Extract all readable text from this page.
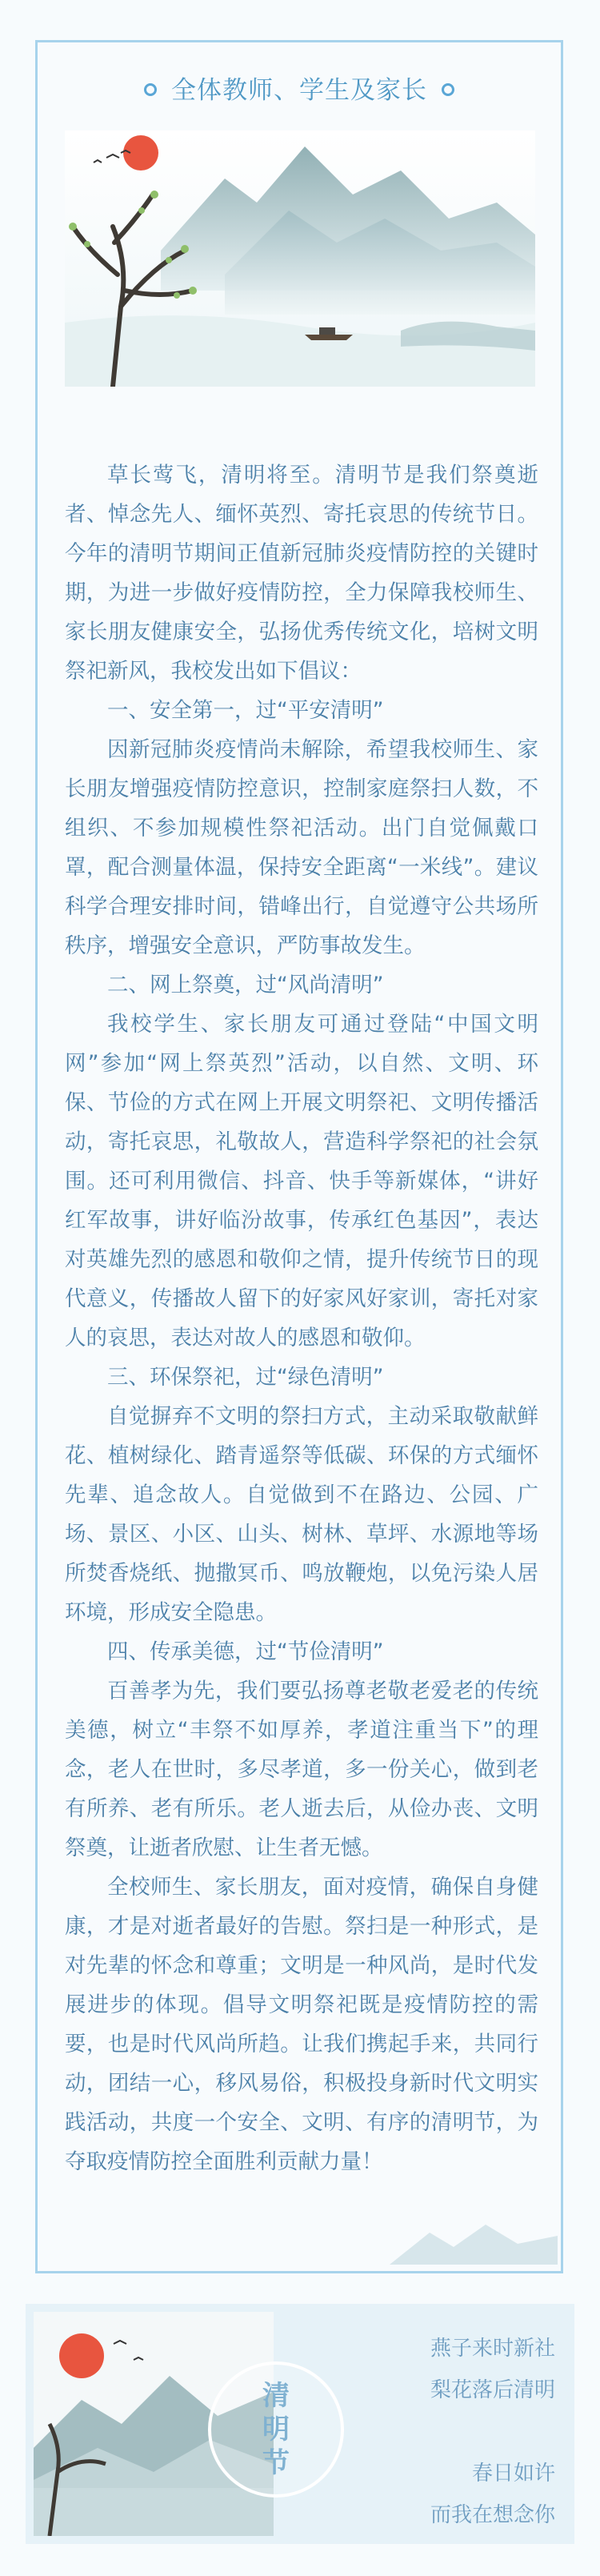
全体教师、学生及家长

草长莺飞，清明将至。清明节是我们祭奠逝者、悼念先人、缅怀英烈、寄托哀思的传统节日。今年的清明节期间正值新冠肺炎疫情防控的关键时期，为进一步做好疫情防控，全力保障我校师生、家长朋友健康安全，弘扬优秀传统文化，培树文明祭祀新风，我校发出如下倡议：

一、安全第一，过“平安清明”

因新冠肺炎疫情尚未解除，希望我校师生、家长朋友增强疫情防控意识，控制家庭祭扫人数，不组织、不参加规模性祭祀活动。出门自觉佩戴口罩，配合测量体温，保持安全距离“一米线”。建议科学合理安排时间，错峰出行，自觉遵守公共场所秩序，增强安全意识，严防事故发生。

二、网上祭奠，过“风尚清明”

我校学生、家长朋友可通过登陆“中国文明网”参加“网上祭英烈”活动，以自然、文明、环保、节俭的方式在网上开展文明祭祀、文明传播活动，寄托哀思，礼敬故人，营造科学祭祀的社会氛围。还可利用微信、抖音、快手等新媒体，“讲好红军故事，讲好临汾故事，传承红色基因”，表达对英雄先烈的感恩和敬仰之情，提升传统节日的现代意义，传播故人留下的好家风好家训，寄托对家人的哀思，表达对故人的感恩和敬仰。

三、环保祭祀，过“绿色清明”

自觉摒弃不文明的祭扫方式，主动采取敬献鲜花、植树绿化、踏青遥祭等低碳、环保的方式缅怀先辈、追念故人。自觉做到不在路边、公园、广场、景区、小区、山头、树林、草坪、水源地等场所焚香烧纸、抛撒冥币、鸣放鞭炮，以免污染人居环境，形成安全隐患。

四、传承美德，过“节俭清明”

百善孝为先，我们要弘扬尊老敬老爱老的传统美德，树立“丰祭不如厚养，孝道注重当下”的理念，老人在世时，多尽孝道，多一份关心，做到老有所养、老有所乐。老人逝去后，从俭办丧、文明祭奠，让逝者欣慰、让生者无憾。

全校师生、家长朋友，面对疫情，确保自身健康，才是对逝者最好的告慰。祭扫是一种形式，是对先辈的怀念和尊重；文明是一种风尚，是时代发展进步的体现。倡导文明祭祀既是疫情防控的需要，也是时代风尚所趋。让我们携起手来，共同行动，团结一心，移风易俗，积极投身新时代文明实践活动，共度一个安全、文明、有序的清明节，为夺取疫情防控全面胜利贡献力量！

清
明
节
燕子来时新社
梨花落后清明
春日如许
而我在想念你
